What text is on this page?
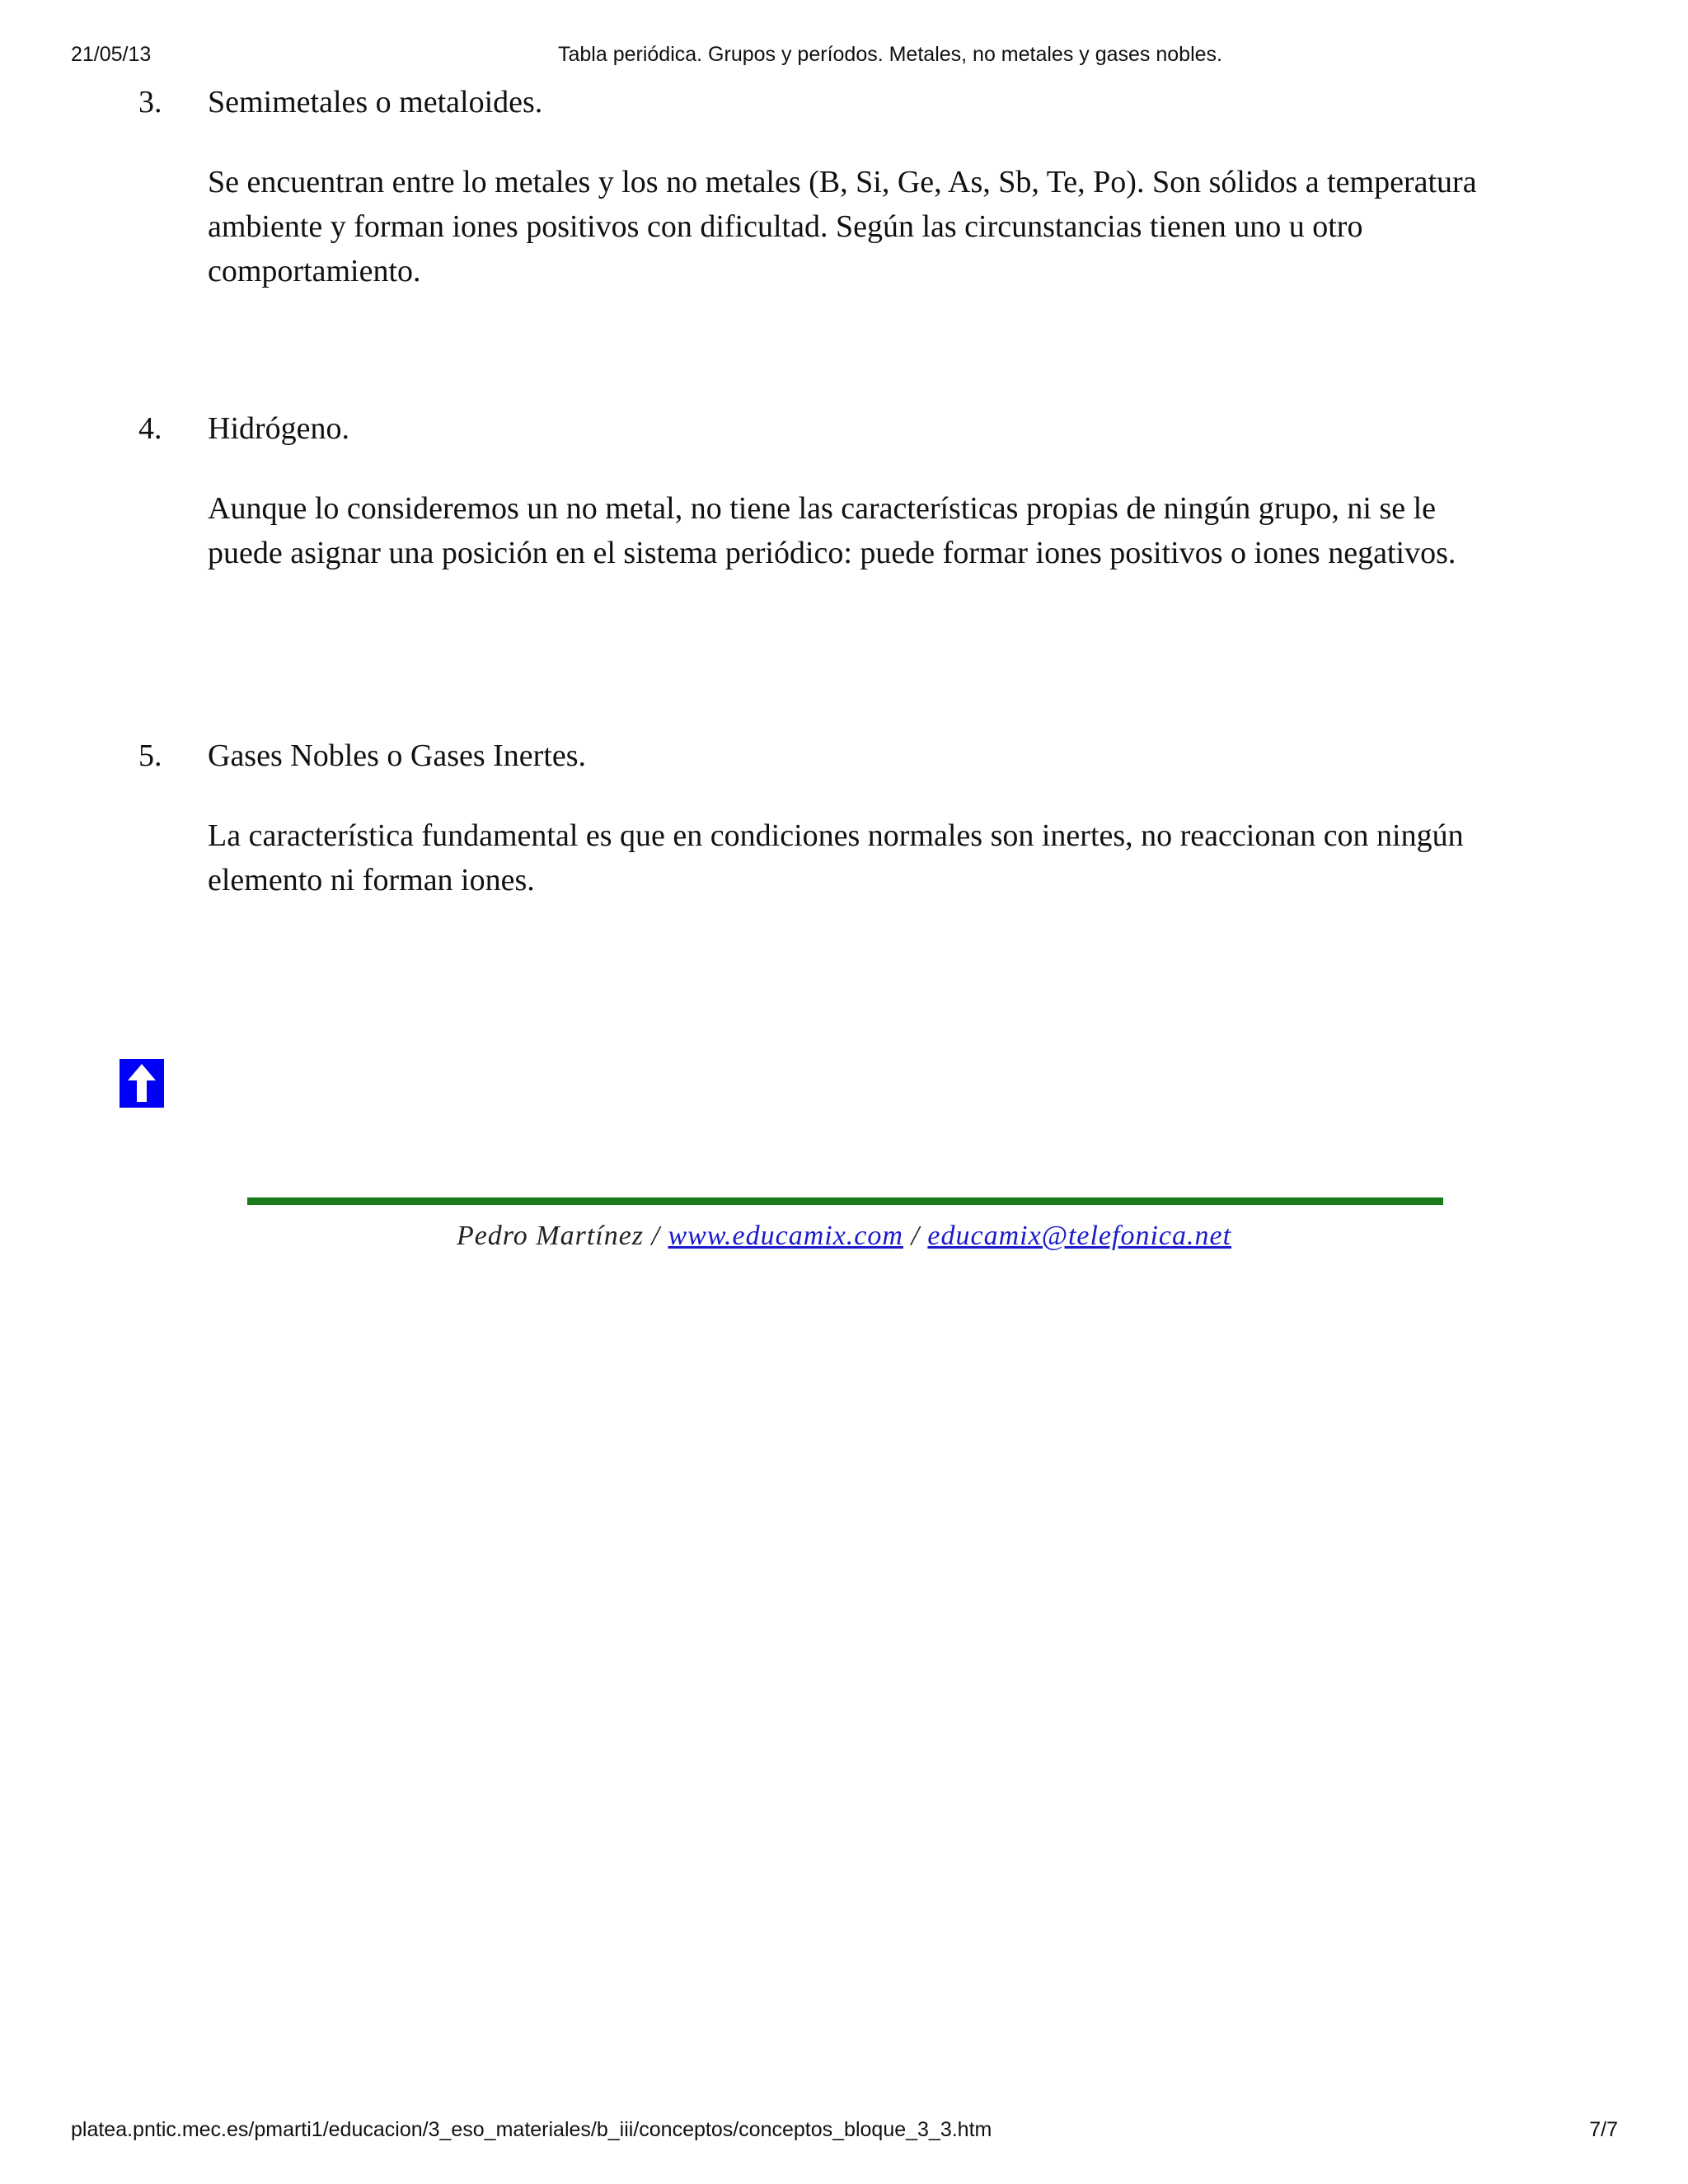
21/05/13	Tabla periódica. Grupos y períodos. Metales, no metales y gases nobles.
3. Semimetales o metaloides.

Se encuentran entre lo metales y los no metales (B, Si, Ge, As, Sb, Te, Po). Son sólidos a temperatura ambiente y forman iones positivos con dificultad. Según las circunstancias tienen uno u otro comportamiento.

4. Hidrógeno.

Aunque lo consideremos un no metal, no tiene las características propias de ningún grupo, ni se le puede asignar una posición en el sistema periódico: puede formar iones positivos o iones negativos.

5. Gases Nobles o Gases Inertes.

La característica fundamental es que en condiciones normales son inertes, no reaccionan con ningún elemento ni forman iones.

Pedro Martínez / www.educamix.com / educamix@telefonica.net
platea.pntic.mec.es/pmarti1/educacion/3_eso_materiales/b_iii/conceptos/conceptos_bloque_3_3.htm	7/7
